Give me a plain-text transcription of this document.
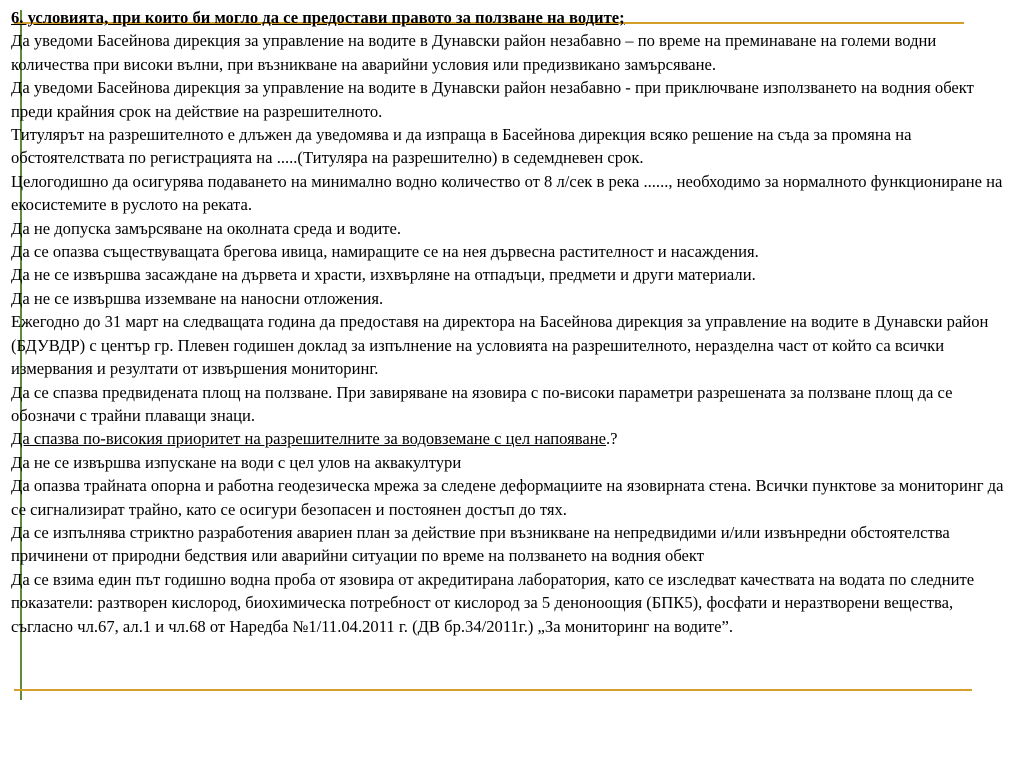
6. условията, при които би могло да се предостави правото за ползване на водите;

Да уведоми Басейнова дирекция за управление на водите в Дунавски район незабавно – по време на преминаване на големи водни количества при високи вълни, при възникване на аварийни условия или предизвикано замърсяване.

Да уведоми Басейнова дирекция за управление на водите в Дунавски район незабавно - при приключване използването на водния обект преди крайния срок на действие на разрешителното.

Титулярът на разрешителното е длъжен да уведомява и да изпраща в Басейнова дирекция всяко решение на съда за промяна на обстоятелствата по регистрацията на .....(Титуляра на разрешително) в седемдневен срок.

Целогодишно да осигурява подаването на минимално водно количество от 8 л/сек в река ......, необходимо за нормалното функциониране на екосистемите в руслото на реката.

Да не допуска замърсяване на околната среда и водите.

Да се опазва съществуващата брегова ивица, намиращите се на нея дървесна растителност и насаждения.

Да не се извършва засаждане на дървета и храсти, изхвърляне на отпадъци, предмети и други материали.

Да не се извършва изземване на наносни отложения.

Ежегодно до 31 март на следващата година да предоставя на директора на Басейнова дирекция за управление на водите в Дунавски район (БДУВДР) с център гр. Плевен годишен доклад за изпълнение на условията на разрешителното, неразделна част от който са всички измервания и резултати от извършения мониторинг.

Да се спазва предвидената площ на ползване. При завиряване на язовира с по-високи параметри разрешената за ползване площ да се обозначи с трайни плаващи знаци.

Да спазва по-високия приоритет на разрешителните за водовземане с цел напояване.?

Да не се извършва изпускане на води с цел улов на аквакултури

Да опазва трайната опорна и работна геодезическа мрежа за следене деформациите на язовирната стена. Всички пунктове за мониторинг да се сигнализират трайно, като се осигури безопасен и постоянен достъп до тях.

Да се изпълнява стриктно разработения авариен план за действие при възникване на непредвидими и/или извънредни обстоятелства причинени от природни бедствия или аварийни ситуации по време на ползването на водния обект

Да се взима един път годишно водна проба от язовира от акредитирана лаборатория, като се изследват качествата на водата по следните показатели: разтворен кислород, биохимическа потребност от кислород за 5 деноноощия (БПК5), фосфати и неразтворени вещества, съгласно чл.67, ал.1 и чл.68 от Наредба №1/11.04.2011 г. (ДВ бр.34/2011г.) „За мониторинг на водите”.
